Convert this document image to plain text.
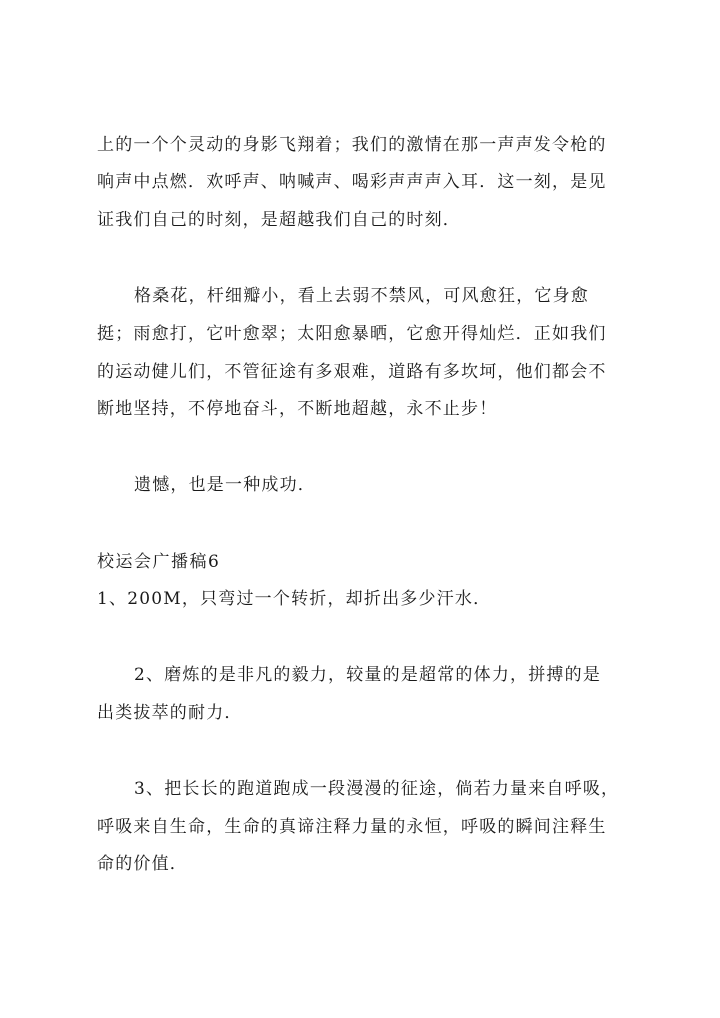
上的一个个灵动的身影飞翔着；我们的激情在那一声声发令枪的
响声中点燃．欢呼声、呐喊声、喝彩声声声入耳．这一刻，是见
证我们自己的时刻，是超越我们自己的时刻．
格桑花，杆细瓣小，看上去弱不禁风，可风愈狂，它身愈
挺；雨愈打，它叶愈翠；太阳愈暴晒，它愈开得灿烂．正如我们
的运动健儿们，不管征途有多艰难，道路有多坎坷，他们都会不
断地坚持，不停地奋斗，不断地超越，永不止步！
遗憾，也是一种成功．
校运会广播稿6
1、200M，只弯过一个转折，却折出多少汗水．
2、磨炼的是非凡的毅力，较量的是超常的体力，拼搏的是
出类拔萃的耐力．
3、把长长的跑道跑成一段漫漫的征途，倘若力量来自呼吸，
呼吸来自生命，生命的真谛注释力量的永恒，呼吸的瞬间注释生
命的价值．
